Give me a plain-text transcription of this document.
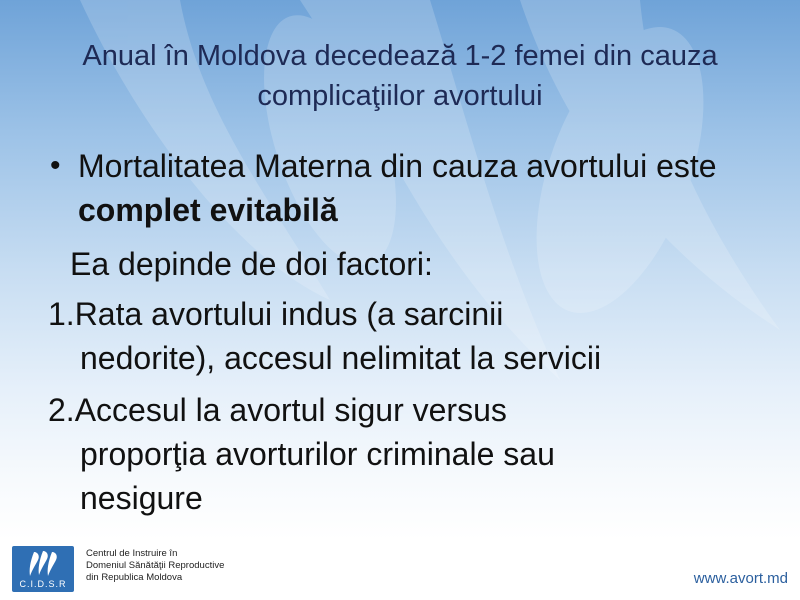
Anual în Moldova decedează 1-2 femei din cauza complicaţiilor avortului
• Mortalitatea Materna din cauza avortului este complet evitabilă
Ea depinde de doi factori:
1.Rata avortului indus (a sarcinii
nedorite), accesul nelimitat la servicii
2.Accesul la avortul sigur versus
proporţia avorturilor criminale sau
nesigure
C.I.D.S.R
Centrul de Instruire în
Domeniul Sănătăţii Reproductive
din Republica Moldova	www.avort.md
